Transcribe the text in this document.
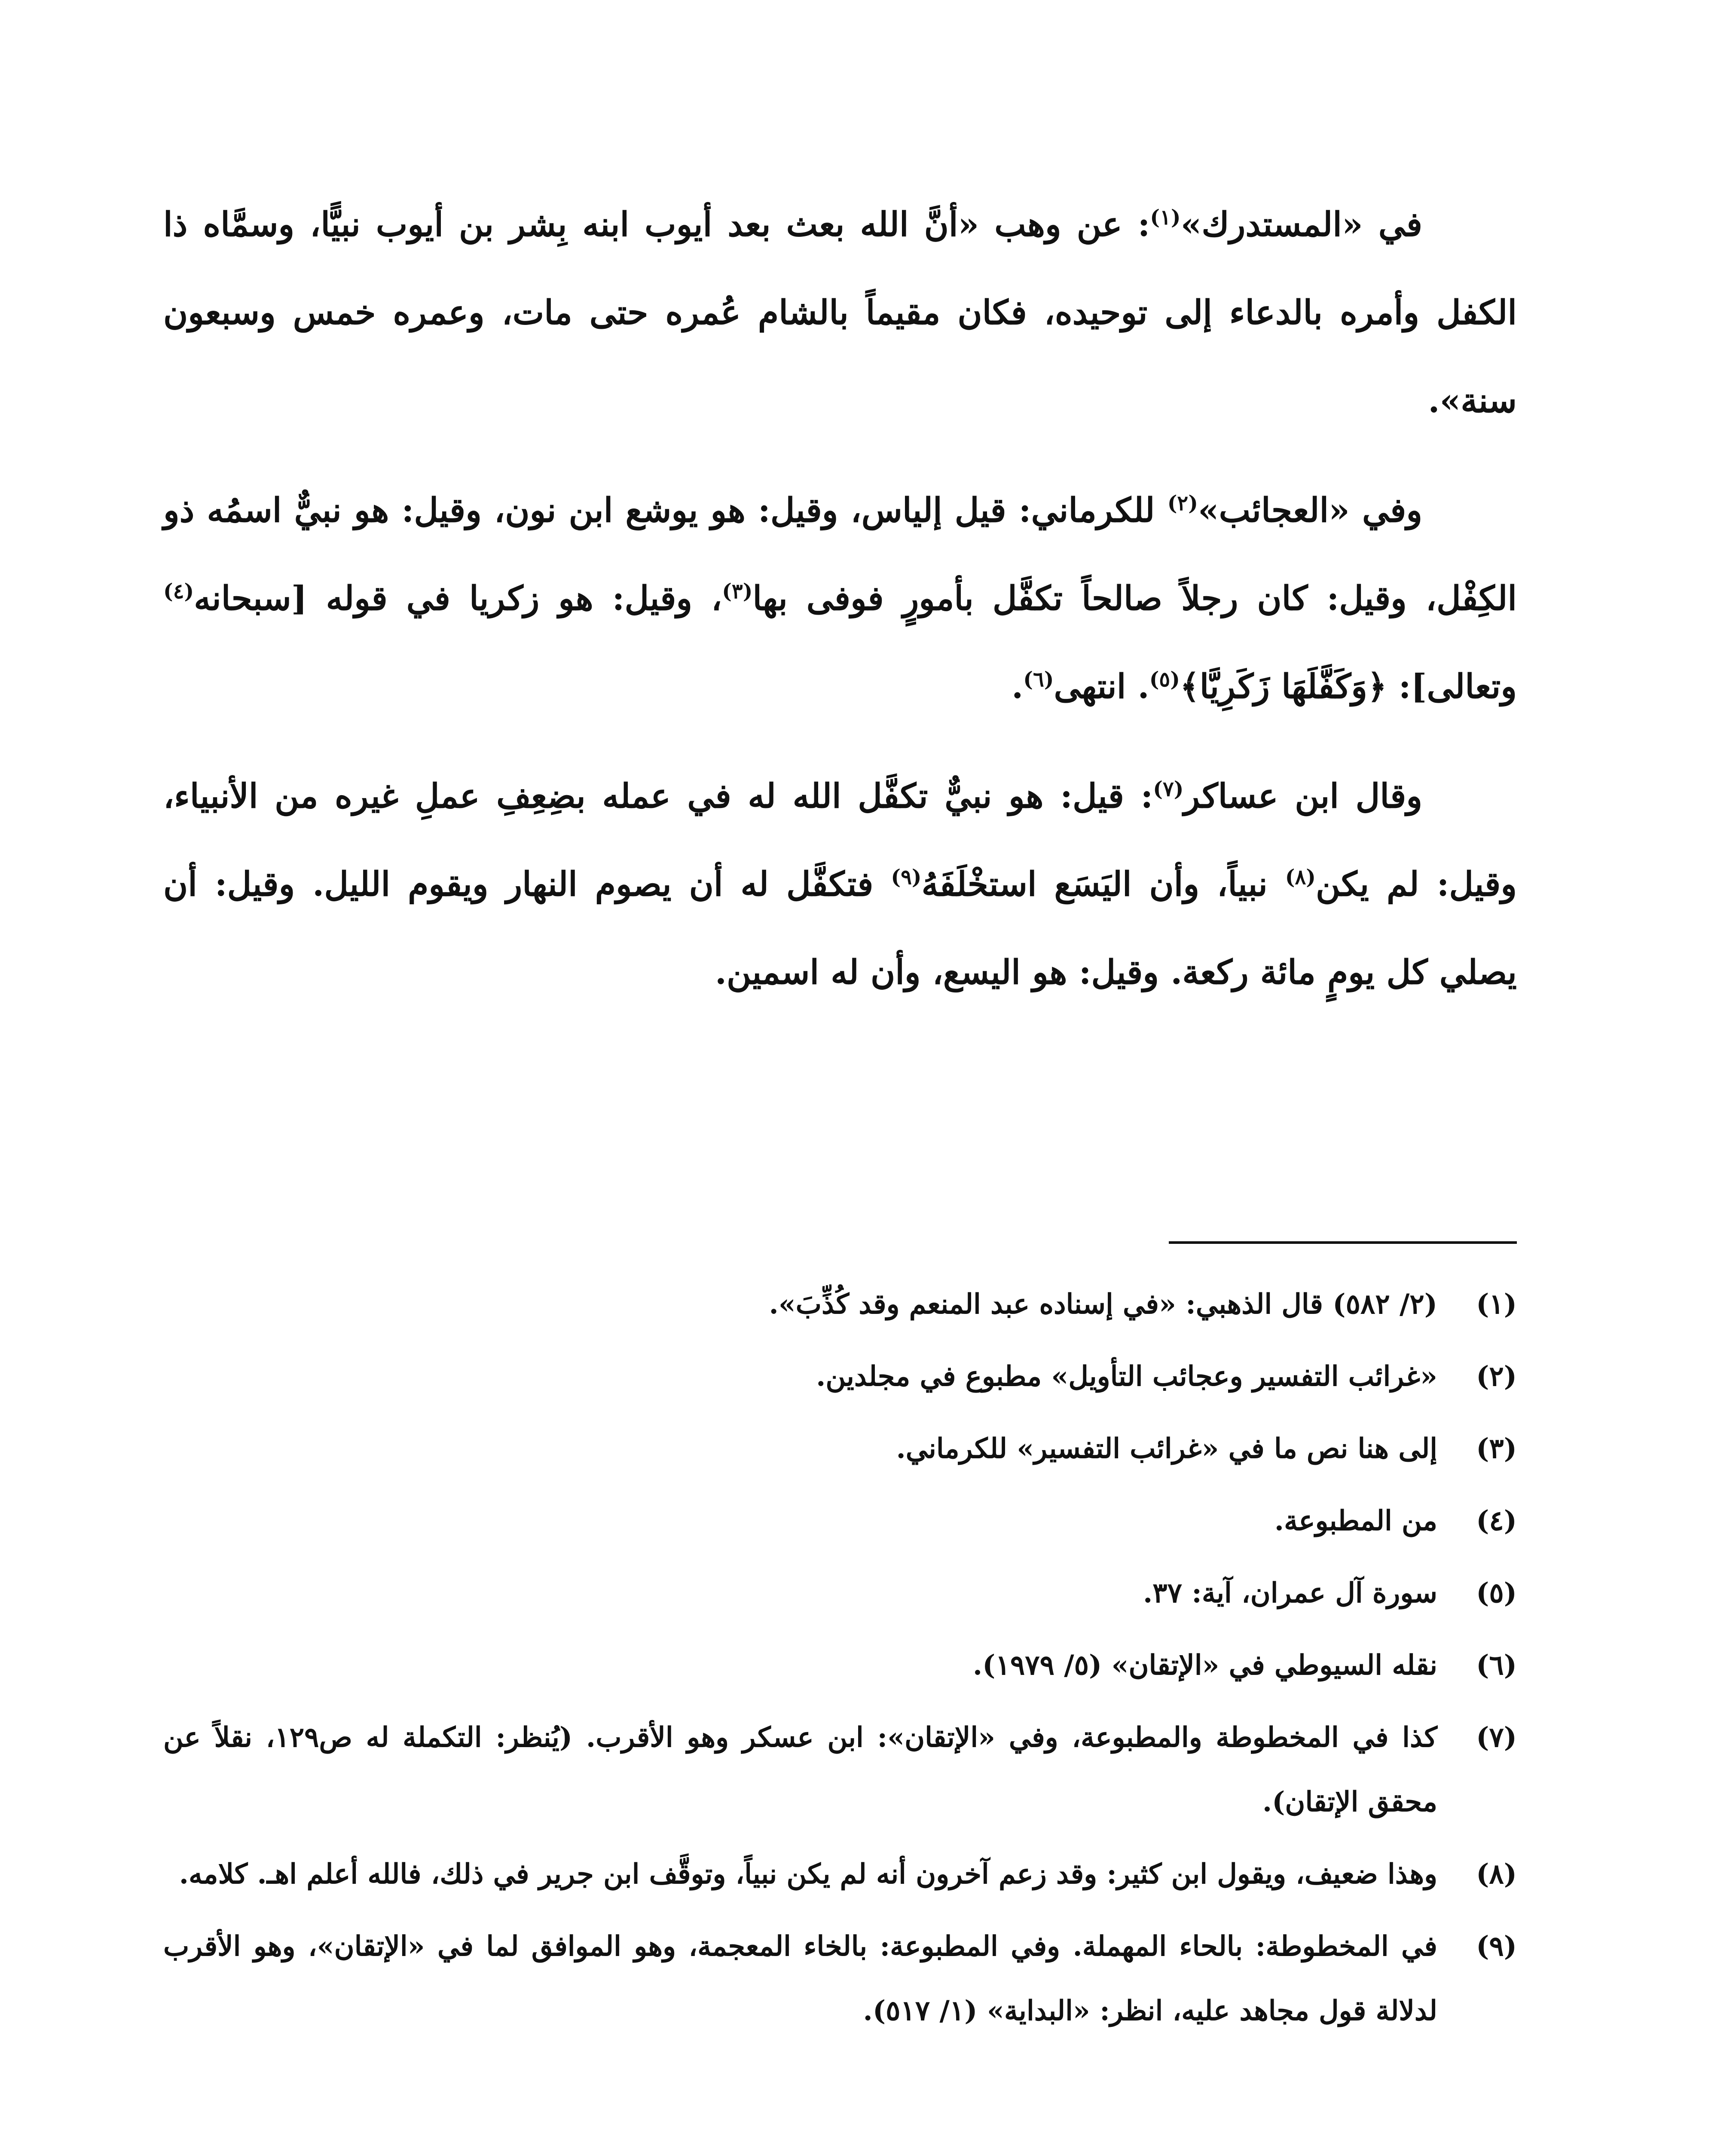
في «المستدرك»$^{(١)}$: عن وهب «أنَّ الله بعث بعد أيوب ابنه بِشر بن أيوب نبيًّا، وسمَّاه ذا الكفل وأمره بالدعاء إلى توحيده، فكان مقيماً بالشام عُمره حتى مات، وعمره خمس وسبعون سنة».

وفي «العجائب»$^{(٢)}$ للكرماني: قيل إلياس، وقيل: هو يوشع ابن نون، وقيل: هو نبيٌّ اسمُه ذو الكِفْل، وقيل: كان رجلاً صالحاً تكفَّل بأمورٍ فوفى بها$^{(٣)}$، وقيل: هو زكريا في قوله [سبحانه$^{(٤)}$ وتعالى]: ﴿وَكَفَّلَهَا زَكَرِيَّا﴾$^{(٥)}$. انتهى$^{(٦)}$.

وقال ابن عساكر$^{(٧)}$: قيل: هو نبيٌّ تكفَّل الله له في عمله بضِعِفِ عملِ غيره من الأنبياء، وقيل: لم يكن$^{(٨)}$ نبياً، وأن اليَسَع استخْلَفَهُ$^{(٩)}$ فتكفَّل له أن يصوم النهار ويقوم الليل. وقيل: أن يصلي كل يومٍ مائة ركعة. وقيل: هو اليسع، وأن له اسمين.

(١)
(٢/ ٥٨٢) قال الذهبي: «في إسناده عبد المنعم وقد كُذِّبَ».
(٢)
«غرائب التفسير وعجائب التأويل» مطبوع في مجلدين.
(٣)
إلى هنا نص ما في «غرائب التفسير» للكرماني.
(٤)
من المطبوعة.
(٥)
سورة آل عمران، آية: ٣٧.
(٦)
نقله السيوطي في «الإتقان» (٥/ ١٩٧٩).
(٧)
كذا في المخطوطة والمطبوعة، وفي «الإتقان»: ابن عسكر وهو الأقرب. (يُنظر: التكملة له ص١٢٩، نقلاً عن محقق الإتقان).
(٨)
وهذا ضعيف، ويقول ابن كثير: وقد زعم آخرون أنه لم يكن نبياً، وتوقَّف ابن جرير في ذلك، فالله أعلم اهـ. كلامه.
(٩)
في المخطوطة: بالحاء المهملة. وفي المطبوعة: بالخاء المعجمة، وهو الموافق لما في «الإتقان»، وهو الأقرب لدلالة قول مجاهد عليه، انظر: «البداية» (١/ ٥١٧).
